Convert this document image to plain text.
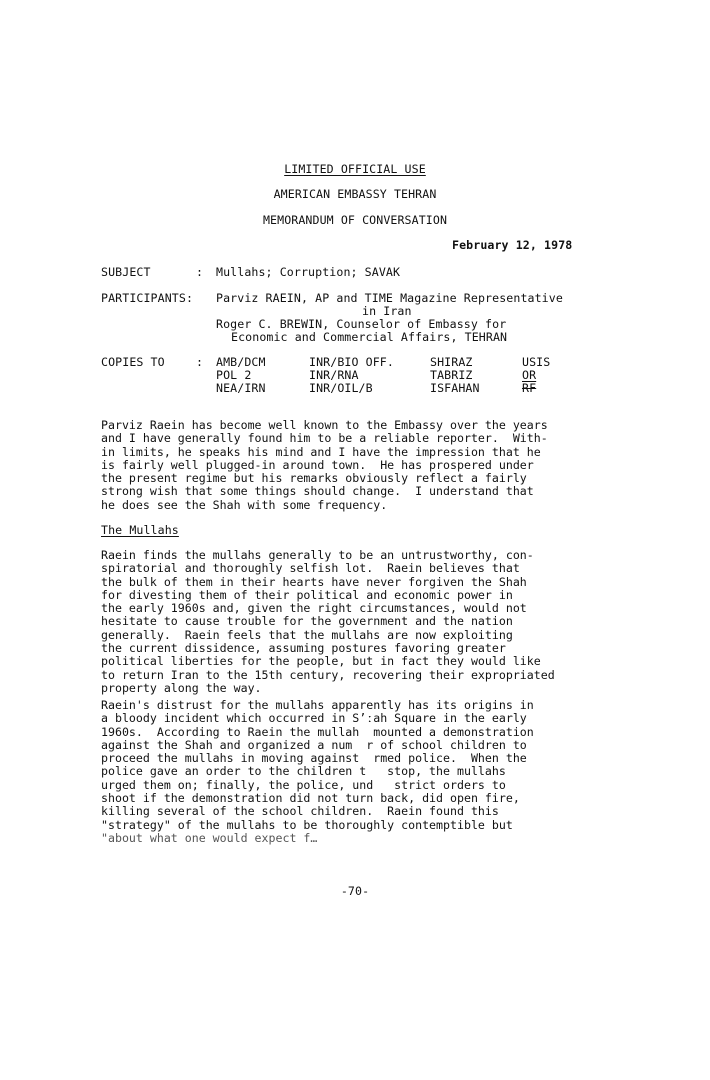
LIMITED OFFICIAL USE
AMERICAN EMBASSY TEHRAN
MEMORANDUM OF CONVERSATION
February 12, 1978
SUBJECT	: Mullahs; Corruption; SAVAK
PARTICIPANTS: Parviz RAEIN, AP and TIME Magazine Representative
in Iran
Roger C. BREWIN, Counselor of Embassy for
Economic and Commercial Affairs, TEHRAN
COPIES TO	: AMB/DCM
POL 2
NEA/IRN
INR/BIO OFF.
INR/RNA
INR/OIL/B
SHIRAZ
TABRIZ
ISFAHAN
USIS
OR
RF
Parviz Raein has become well known to the Embassy over the years
and I have generally found him to be a reliable reporter.  With-
in limits, he speaks his mind and I have the impression that he
is fairly well plugged-in around town.  He has prospered under
the present regime but his remarks obviously reflect a fairly
strong wish that some things should change.  I understand that
he does see the Shah with some frequency.
The Mullahs
Raein finds the mullahs generally to be an untrustworthy, con-
spiratorial and thoroughly selfish lot.  Raein believes that
the bulk of them in their hearts have never forgiven the Shah
for divesting them of their political and economic power in
the early 1960s and, given the right circumstances, would not
hesitate to cause trouble for the government and the nation
generally.  Raein feels that the mullahs are now exploiting
the current dissidence, assuming postures favoring greater
political liberties for the people, but in fact they would like
to return Iran to the 15th century, recovering their expropriated
property along the way.
Raein's distrust for the mullahs apparently has its origins in
a bloody incident which occurred in S’ːah Square in the early
1960s.  According to Raein the mullah  mounted a demonstration
against the Shah and organized a num  r of school children to
proceed the mullahs in moving against  rmed police.  When the
police gave an order to the children t   stop, the mullahs
urged them on; finally, the police, und   strict orders to
shoot if the demonstration did not turn back, did open fire,
killing several of the school children.  Raein found this
"strategy" of the mullahs to be thoroughly contemptible but
"about what one would expect f…
-70-
